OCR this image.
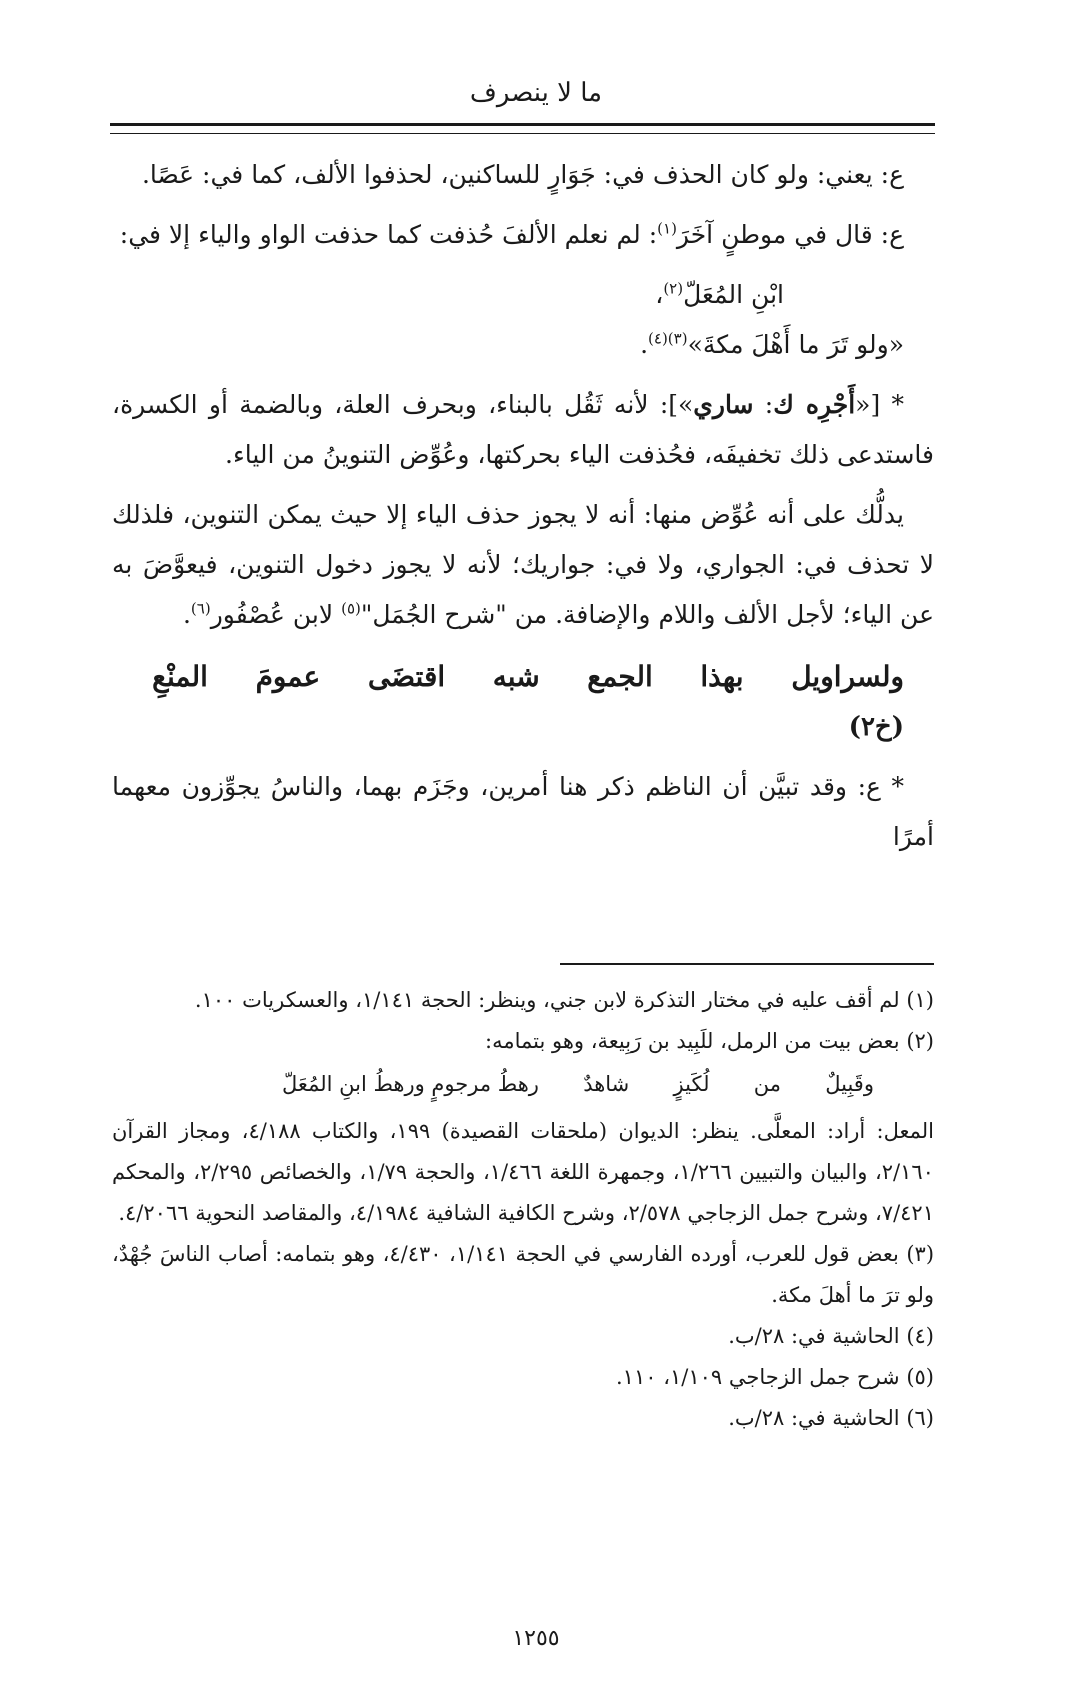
ما لا ينصرف

ع: يعني: ولو كان الحذف في: جَوَارٍ للساكنين، لحذفوا الألف، كما في: عَصًا.

ع: قال في موطنٍ آخَرَ$^{(١)}$: لم نعلم الألفَ حُذفت كما حذفت الواو والياء إلا في:

ابْنِ المُعَلّ$^{(٢)}$،

«ولو تَرَ ما أَهْلَ مكةَ»$^{(٣)(٤)}$.

* [«أَجْرِه ك: ساري»]: لأنه ثَقُل بالبناء، وبحرف العلة، وبالضمة أو الكسرة، فاستدعى ذلك تخفيفَه، فحُذفت الياء بحركتها، وعُوِّض التنوينُ من الياء.

يدلُّك على أنه عُوِّض منها: أنه لا يجوز حذف الياء إلا حيث يمكن التنوين، فلذلك لا تحذف في: الجواري، ولا في: جواريك؛ لأنه لا يجوز دخول التنوين، فيعوَّضَ به عن الياء؛ لأجل الألف واللام والإضافة. من "شرح الجُمَل"$^{(٥)}$ لابن عُصْفُور$^{(٦)}$.

ولسراويل
بهذا
الجمع
شبه
اقتضَى
عمومَ
المنْعِ
(خ٢)

* ع: وقد تبيَّن أن الناظم ذكر هنا أمرين، وجَزَم بهما، والناسُ يجوِّزون معهما أمرًا

(١) لم أقف عليه في مختار التذكرة لابن جني، وينظر: الحجة ١/١٤١، والعسكريات ١٠٠.

(٢) بعض بيت من الرمل، للَبِيد بن رَبِيعة، وهو بتمامه:

وقَبِيلٌ
من
لُكَيزٍ
شاهدٌ
رهطُ مرجومٍ ورهطُ ابنِ المُعَلّ

المعل: أراد: المعلَّى. ينظر: الديوان (ملحقات القصيدة) ١٩٩، والكتاب ٤/١٨٨، ومجاز القرآن ٢/١٦٠، والبيان والتبيين ١/٢٦٦، وجمهرة اللغة ١/٤٦٦، والحجة ١/٧٩، والخصائص ٢/٢٩٥، والمحكم ٧/٤٢١، وشرح جمل الزجاجي ٢/٥٧٨، وشرح الكافية الشافية ٤/١٩٨٤، والمقاصد النحوية ٤/٢٠٦٦.

(٣) بعض قول للعرب، أورده الفارسي في الحجة ١/١٤١، ٤/٤٣٠، وهو بتمامه: أصاب الناسَ جُهْدٌ، ولو ترَ ما أهلَ مكة.

(٤) الحاشية في: ٢٨/ب.

(٥) شرح جمل الزجاجي ١/١٠٩، ١١٠.

(٦) الحاشية في: ٢٨/ب.

١٢٥٥
